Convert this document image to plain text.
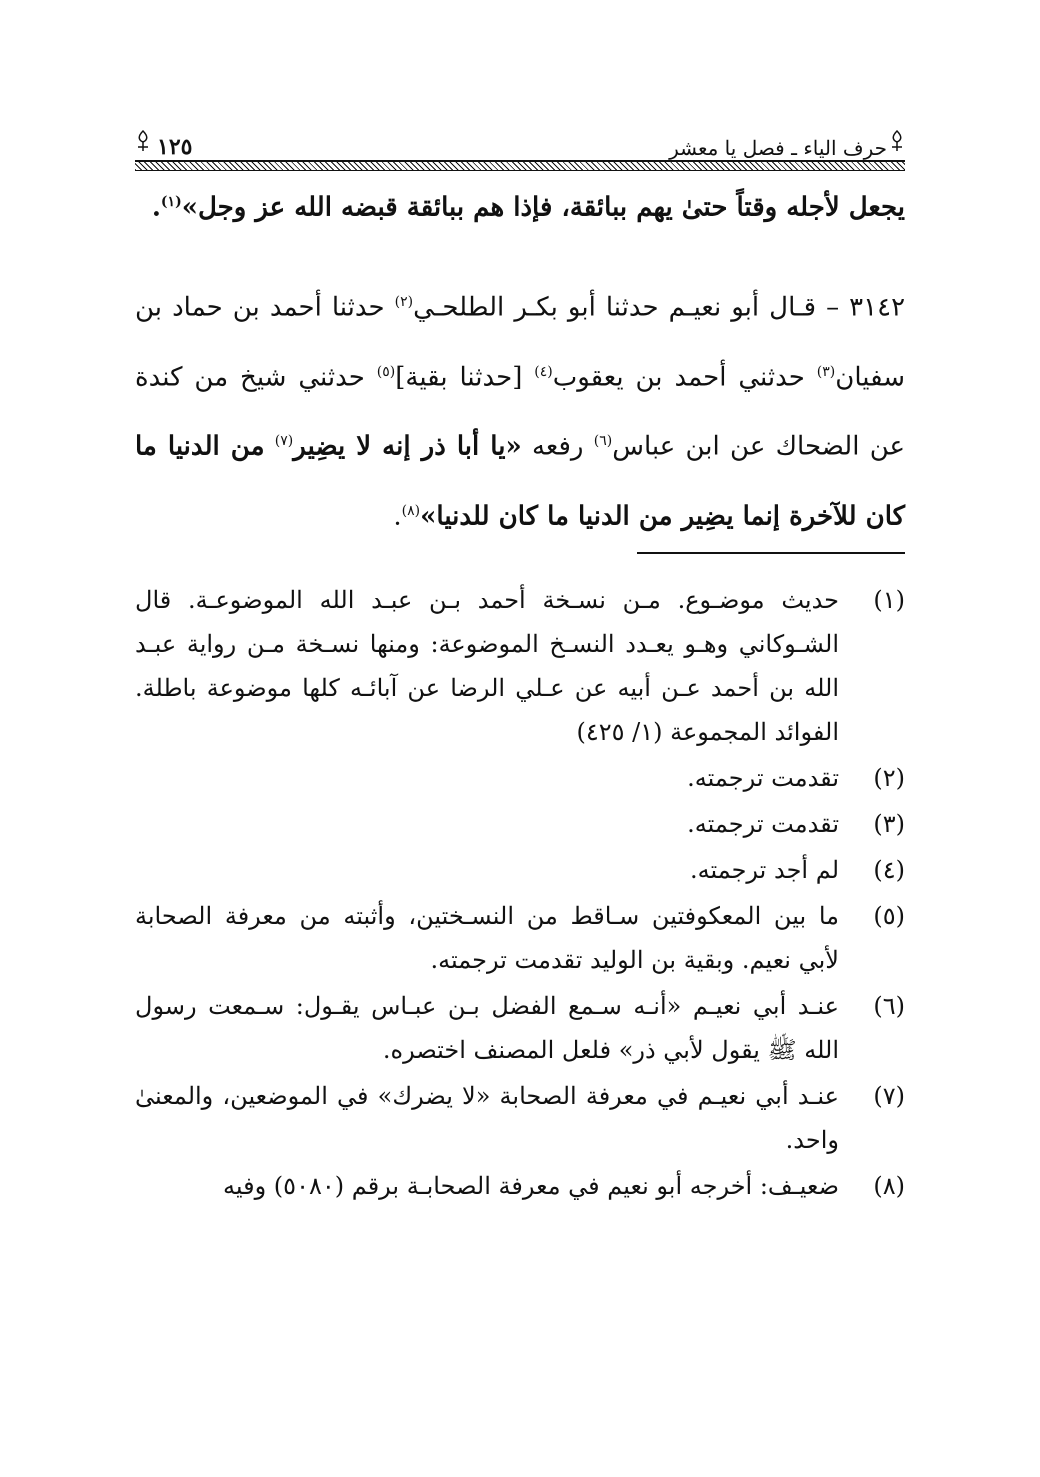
حرف الياء ـ فصل يا معشر
١٢٥

يجعل لأجله وقتاً حتىٰ يهم ببائقة، فإذا هم ببائقة قبضه الله عز وجل»$^{(١)}$.

٣١٤٢ – قـال أبو نعيـم حدثنا أبو بكـر الطلحـي$^{(٢)}$ حدثنا أحمد بن حماد بن سفيان$^{(٣)}$ حدثني أحمد بن يعقوب$^{(٤)}$ [حدثنا بقية]$^{(٥)}$ حدثني شيخ من كندة عن الضحاك عن ابن عباس$^{(٦)}$ رفعه «يا أبا ذر إنه لا يضِير$^{(٧)}$ من الدنيا ما كان للآخرة إنما يضِير من الدنيا ما كان للدنيا»$^{(٨)}$.

(١)
حديث موضـوع. مـن نسـخة أحمد بـن عبـد الله الموضوعـة. قال الشـوكاني وهـو يعـدد النسـخ الموضوعة: ومنها نسـخة مـن رواية عبـد الله بن أحمد عـن أبيه عن عـلي الرضا عن آبائـه كلها موضوعة باطلة. الفوائد المجموعة (١/ ٤٢٥)
(٢)
تقدمت ترجمته.
(٣)
تقدمت ترجمته.
(٤)
لم أجد ترجمته.
(٥)
ما بين المعكوفتين سـاقط من النسـختين، وأثبته من معرفة الصحابة لأبي نعيم. وبقية بن الوليد تقدمت ترجمته.
(٦)
عنـد أبي نعيـم «أنـه سـمع الفضل بـن عبـاس يقـول: سـمعت رسول الله ﷺ يقول لأبي ذر» فلعل المصنف اختصره.
(٧)
عنـد أبي نعيـم في معرفة الصحابة «لا يضرك» في الموضعين، والمعنىٰ واحد.
(٨)
ضعيـف: أخرجه أبو نعيم في معرفة الصحابـة برقم (٥٠٨٠) وفيه
